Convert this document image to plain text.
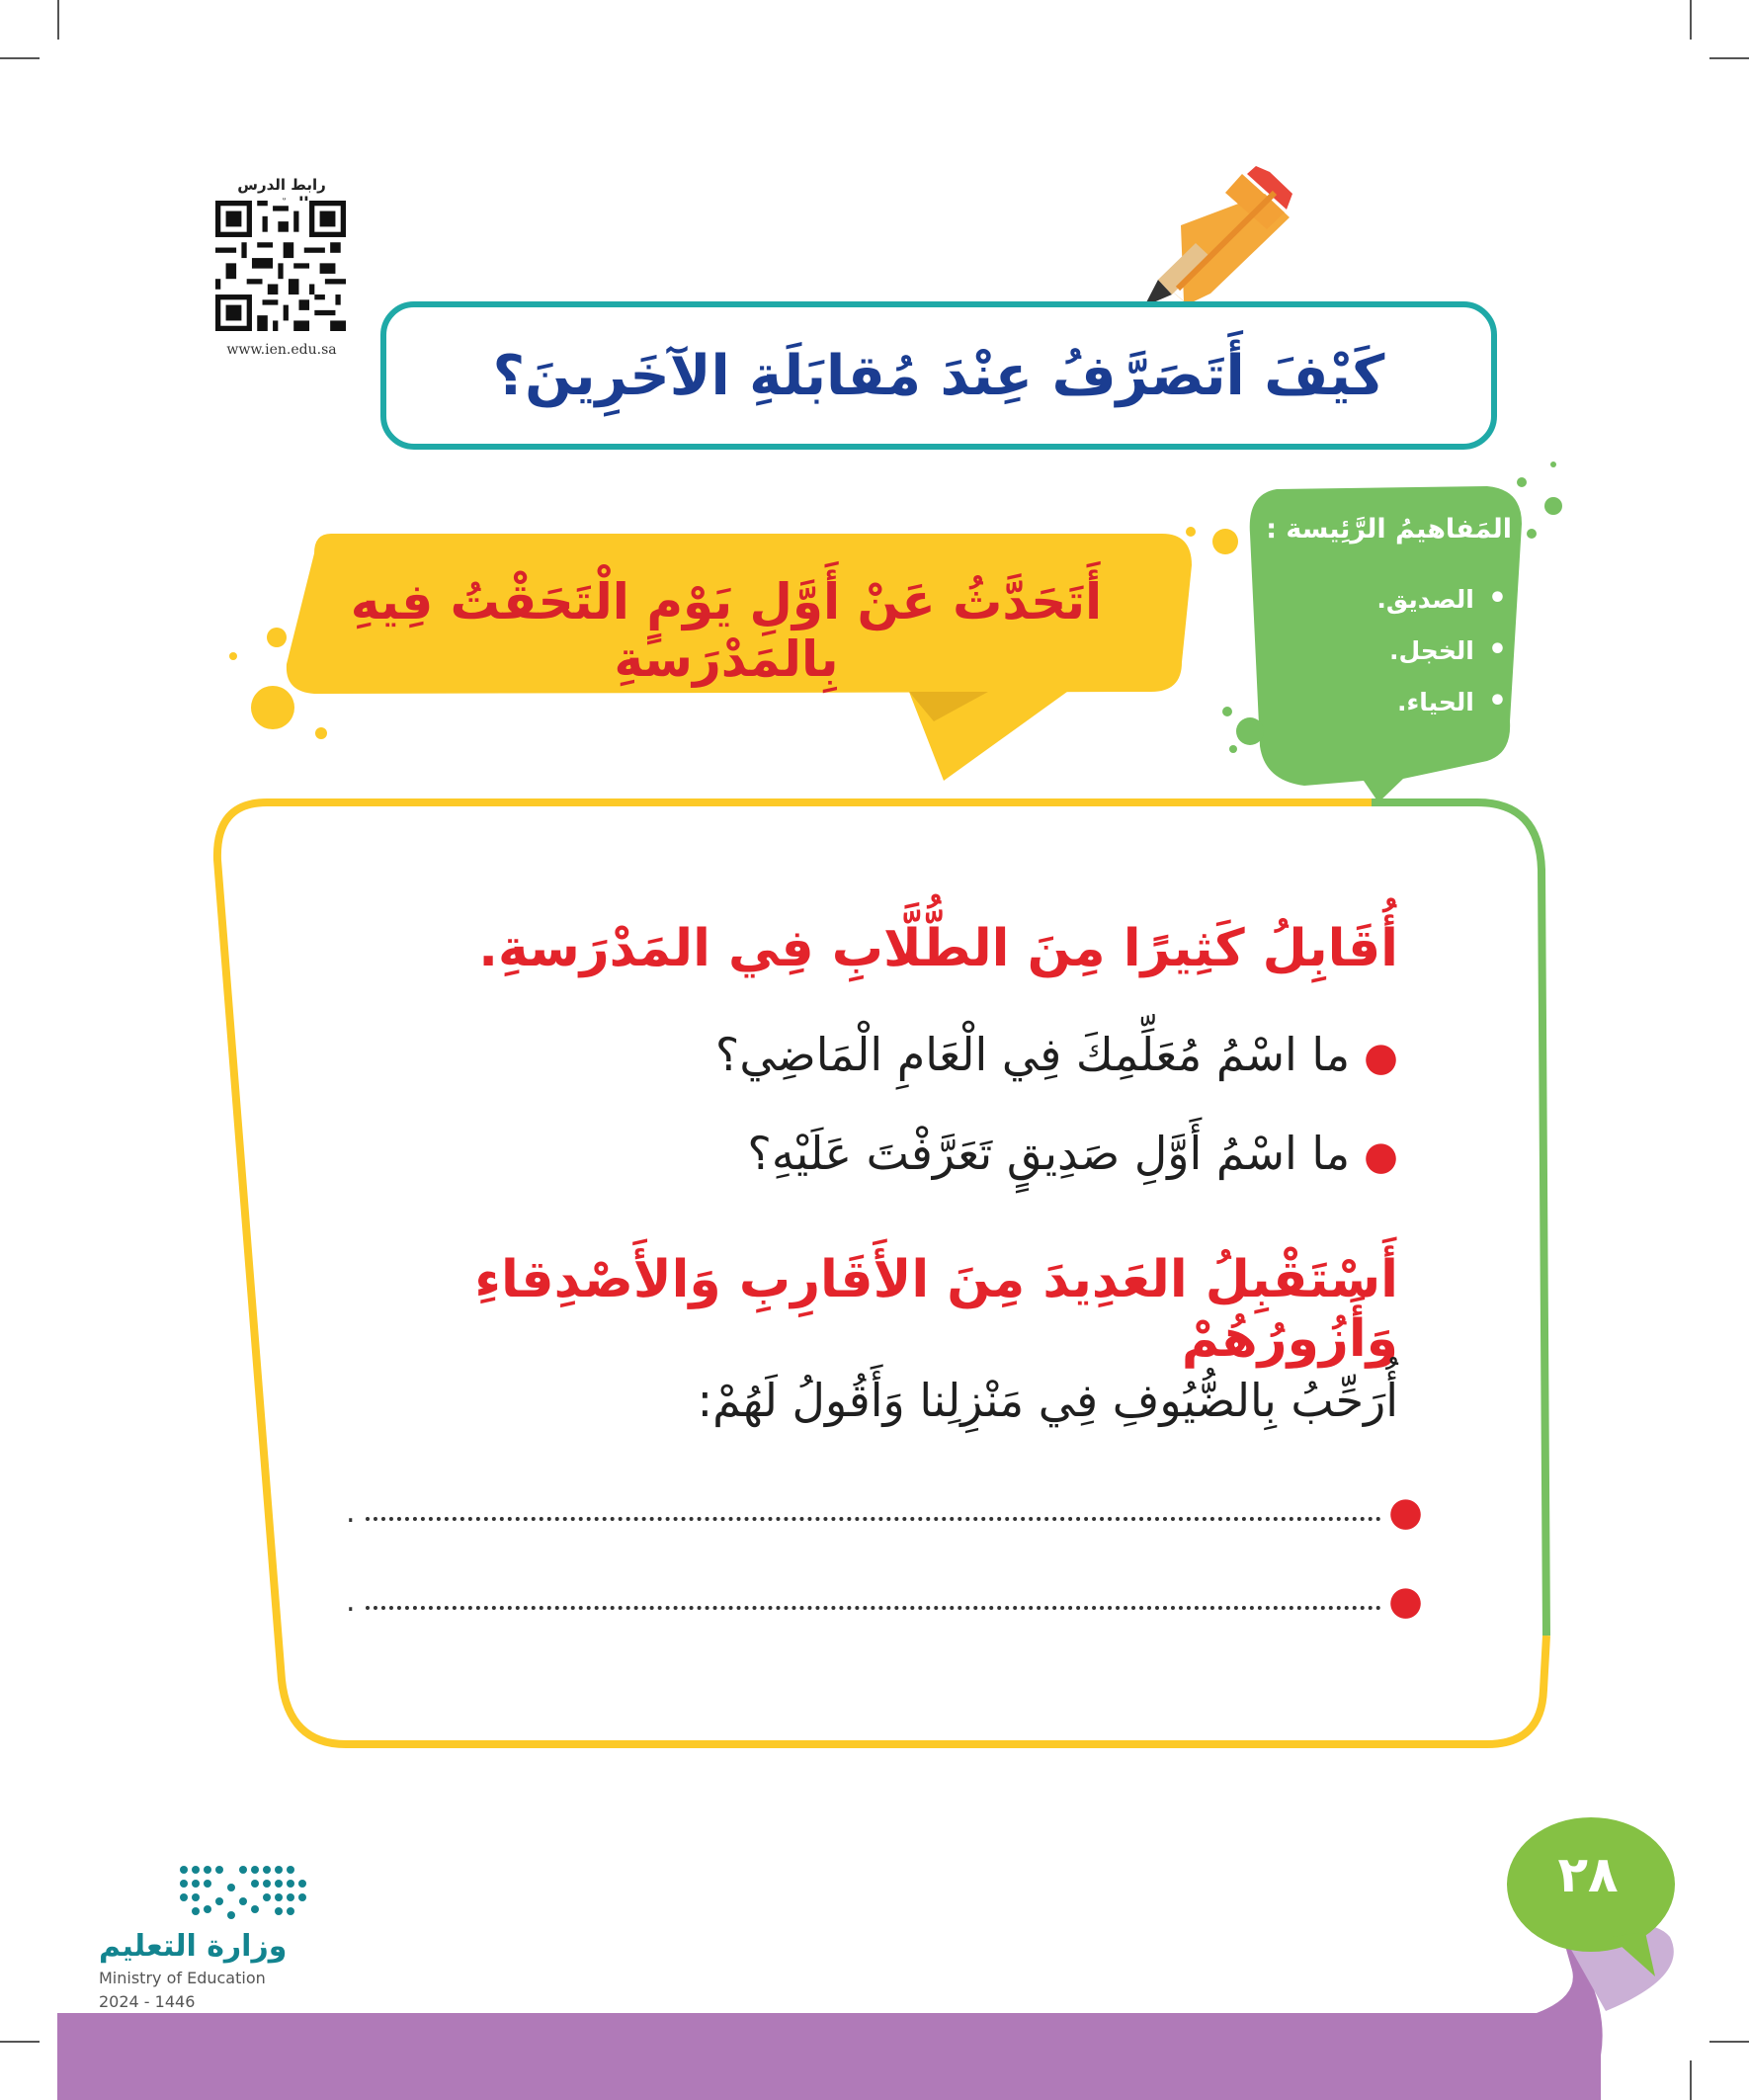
رابط الدرس
www.ien.edu.sa	كَيْفَ أَتَصَرَّفُ عِنْدَ مُقابَلَةِ الآخَرِينَ؟
المَفاهيمُ الرَّئِيسة :
• الصديق.
• الخجل.
• الحياء.
أَتَحَدَّثُ عَنْ أَوَّلِ يَوْمٍ الْتَحَقْتُ فِيهِ بِالمَدْرَسةِ
أُقَابِلُ كَثِيرًا مِنَ الطُّلَّابِ فِي المَدْرَسةِ.
●ما اسْمُ مُعَلِّمِكَ فِي الْعَامِ الْمَاضِي؟
●ما اسْمُ أَوَّلِ صَدِيقٍ تَعَرَّفْتَ عَلَيْهِ؟
أَسْتَقْبِلُ العَدِيدَ مِنَ الأَقَارِبِ وَالأَصْدِقاءِ وَأَزُورُهُمْ
أُرَحِّبُ بِالضُّيُوفِ فِي مَنْزِلِنا وَأَقُولُ لَهُمْ:
●
.
●
.
٢٨
وزارة التعليم
Ministry of Education
2024 - 1446
